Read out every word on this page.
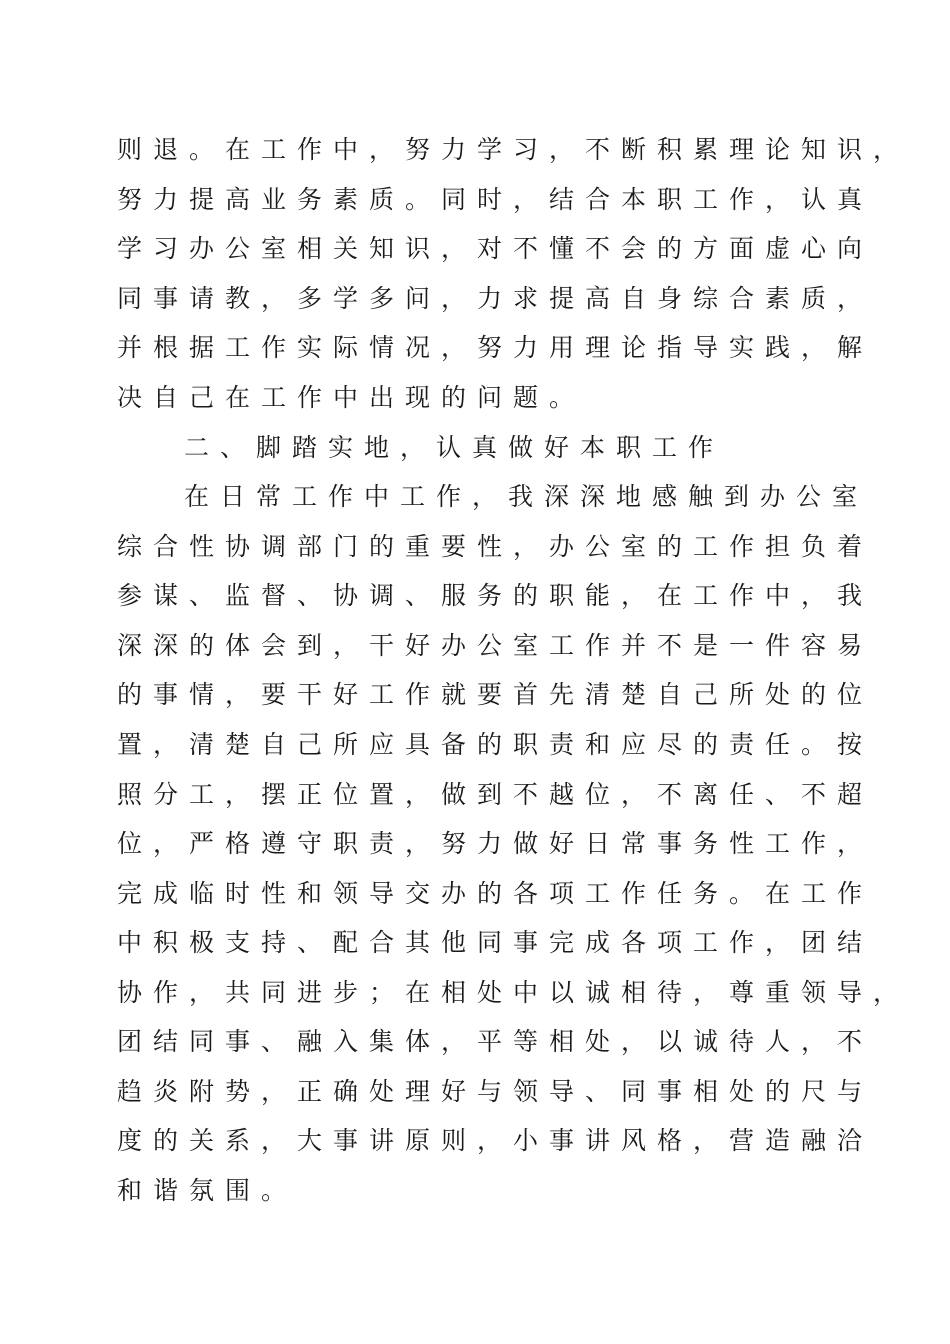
则退。在工作中，努力学习，不断积累理论知识，
努力提高业务素质。同时，结合本职工作，认真
学习办公室相关知识，对不懂不会的方面虚心向
同事请教，多学多问，力求提高自身综合素质，
并根据工作实际情况，努力用理论指导实践，解
决自己在工作中出现的问题。
二、脚踏实地，认真做好本职工作
在日常工作中工作，我深深地感触到办公室
综合性协调部门的重要性，办公室的工作担负着
参谋、监督、协调、服务的职能，在工作中，我
深深的体会到，干好办公室工作并不是一件容易
的事情，要干好工作就要首先清楚自己所处的位
置，清楚自己所应具备的职责和应尽的责任。按
照分工，摆正位置，做到不越位，不离任、不超
位，严格遵守职责，努力做好日常事务性工作，
完成临时性和领导交办的各项工作任务。在工作
中积极支持、配合其他同事完成各项工作，团结
协作，共同进步；在相处中以诚相待，尊重领导，
团结同事、融入集体，平等相处，以诚待人，不
趋炎附势，正确处理好与领导、同事相处的尺与
度的关系，大事讲原则，小事讲风格，营造融洽
和谐氛围。
